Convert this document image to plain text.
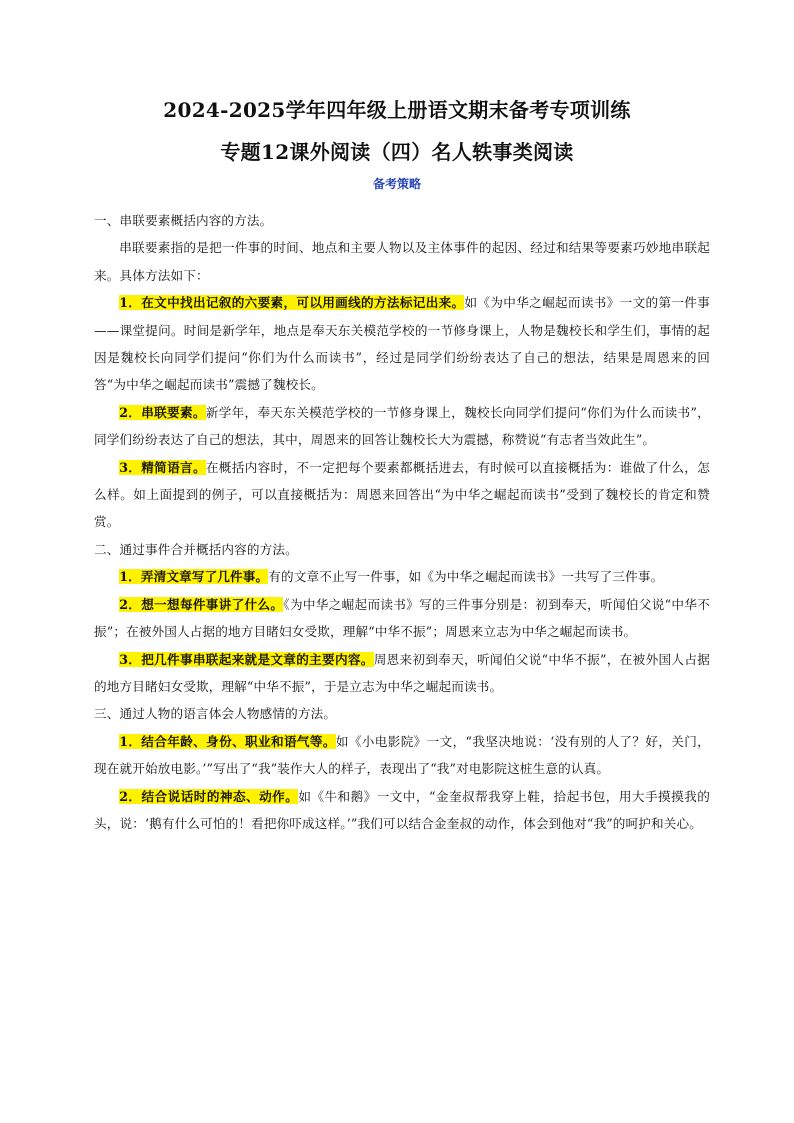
2024-2025学年四年级上册语文期末备考专项训练
专题12课外阅读（四）名人轶事类阅读
备考策略

一、串联要素概括内容的方法。

串联要素指的是把一件事的时间、地点和主要人物以及主体事件的起因、经过和结果等要素巧妙地串联起来。具体方法如下：

1．在文中找出记叙的六要素，可以用画线的方法标记出来。如《为中华之崛起而读书》一文的第一件事——课堂提问。时间是新学年，地点是奉天东关模范学校的一节修身课上，人物是魏校长和学生们，事情的起因是魏校长向同学们提问“你们为什么而读书”，经过是同学们纷纷表达了自己的想法，结果是周恩来的回答“为中华之崛起而读书”震撼了魏校长。

2．串联要素。新学年，奉天东关模范学校的一节修身课上，魏校长向同学们提问“你们为什么而读书”，同学们纷纷表达了自己的想法，其中，周恩来的回答让魏校长大为震撼，称赞说“有志者当效此生”。

3．精简语言。在概括内容时，不一定把每个要素都概括进去，有时候可以直接概括为：谁做了什么，怎么样。如上面提到的例子，可以直接概括为：周恩来回答出“为中华之崛起而读书”受到了魏校长的肯定和赞赏。

二、通过事件合并概括内容的方法。

1．弄清文章写了几件事。有的文章不止写一件事，如《为中华之崛起而读书》一共写了三件事。

2．想一想每件事讲了什么。《为中华之崛起而读书》写的三件事分别是：初到奉天，听闻伯父说“中华不振”；在被外国人占据的地方目睹妇女受欺，理解“中华不振”；周恩来立志为中华之崛起而读书。

3．把几件事串联起来就是文章的主要内容。周恩来初到奉天，听闻伯父说“中华不振”，在被外国人占据的地方目睹妇女受欺，理解“中华不振”，于是立志为中华之崛起而读书。

三、通过人物的语言体会人物感情的方法。

1．结合年龄、身份、职业和语气等。如《小电影院》一文，“我坚决地说：‘没有别的人了？好，关门，现在就开始放电影。’”写出了“我”装作大人的样子，表现出了“我”对电影院这桩生意的认真。

2．结合说话时的神态、动作。如《牛和鹅》一文中，“金奎叔帮我穿上鞋，拾起书包，用大手摸摸我的头，说：‘鹅有什么可怕的！看把你吓成这样。’”我们可以结合金奎叔的动作，体会到他对“我”的呵护和关心。
